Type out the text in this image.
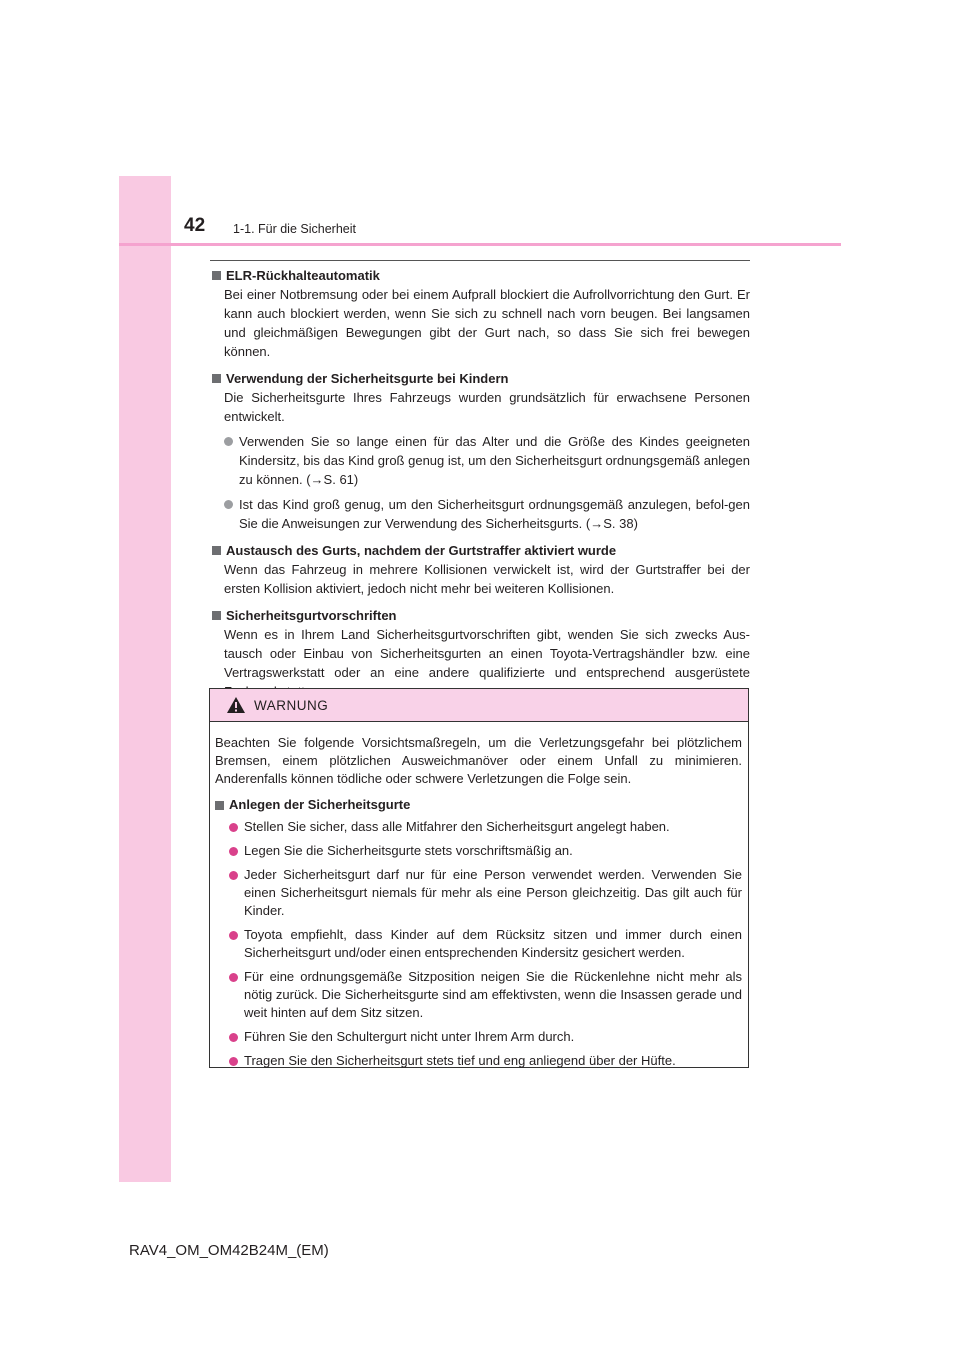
42 1-1. Für die Sicherheit
ELR-Rückhalteautomatik
Bei einer Notbremsung oder bei einem Aufprall blockiert die Aufrollvorrichtung den Gurt. Er kann auch blockiert werden, wenn Sie sich zu schnell nach vorn beugen. Bei langsamen und gleichmäßigen Bewegungen gibt der Gurt nach, so dass Sie sich frei bewegen können.
Verwendung der Sicherheitsgurte bei Kindern
Die Sicherheitsgurte Ihres Fahrzeugs wurden grundsätzlich für erwachsene Personen entwickelt.
Verwenden Sie so lange einen für das Alter und die Größe des Kindes geeigneten Kindersitz, bis das Kind groß genug ist, um den Sicherheitsgurt ordnungsgemäß anlegen zu können. (→S. 61)
Ist das Kind groß genug, um den Sicherheitsgurt ordnungsgemäß anzulegen, befol-gen Sie die Anweisungen zur Verwendung des Sicherheitsgurts. (→S. 38)
Austausch des Gurts, nachdem der Gurtstraffer aktiviert wurde
Wenn das Fahrzeug in mehrere Kollisionen verwickelt ist, wird der Gurtstraffer bei der ersten Kollision aktiviert, jedoch nicht mehr bei weiteren Kollisionen.
Sicherheitsgurtvorschriften
Wenn es in Ihrem Land Sicherheitsgurtvorschriften gibt, wenden Sie sich zwecks Aus-tausch oder Einbau von Sicherheitsgurten an einen Toyota-Vertragshändler bzw. eine Vertragswerkstatt oder an eine andere qualifizierte und entsprechend ausgerüstete
WARNUNG
Beachten Sie folgende Vorsichtsmaßregeln, um die Verletzungsgefahr bei plötzlichem Bremsen, einem plötzlichen Ausweichmanöver oder einem Unfall zu minimieren. Anderenfalls können tödliche oder schwere Verletzungen die Folge sein.
Anlegen der Sicherheitsgurte
Stellen Sie sicher, dass alle Mitfahrer den Sicherheitsgurt angelegt haben.
Legen Sie die Sicherheitsgurte stets vorschriftsmäßig an.
Jeder Sicherheitsgurt darf nur für eine Person verwendet werden. Verwenden Sie einen Sicherheitsgurt niemals für mehr als eine Person gleichzeitig. Das gilt auch für Kinder.
Toyota empfiehlt, dass Kinder auf dem Rücksitz sitzen und immer durch einen Sicherheitsgurt und/oder einen entsprechenden Kindersitz gesichert werden.
Für eine ordnungsgemäße Sitzposition neigen Sie die Rückenlehne nicht mehr als nötig zurück. Die Sicherheitsgurte sind am effektivsten, wenn die Insassen gerade und weit hinten auf dem Sitz sitzen.
Führen Sie den Schultergurt nicht unter Ihrem Arm durch.
Tragen Sie den Sicherheitsgurt stets tief und eng anliegend über der Hüfte.
RAV4_OM_OM42B24M_(EM)
